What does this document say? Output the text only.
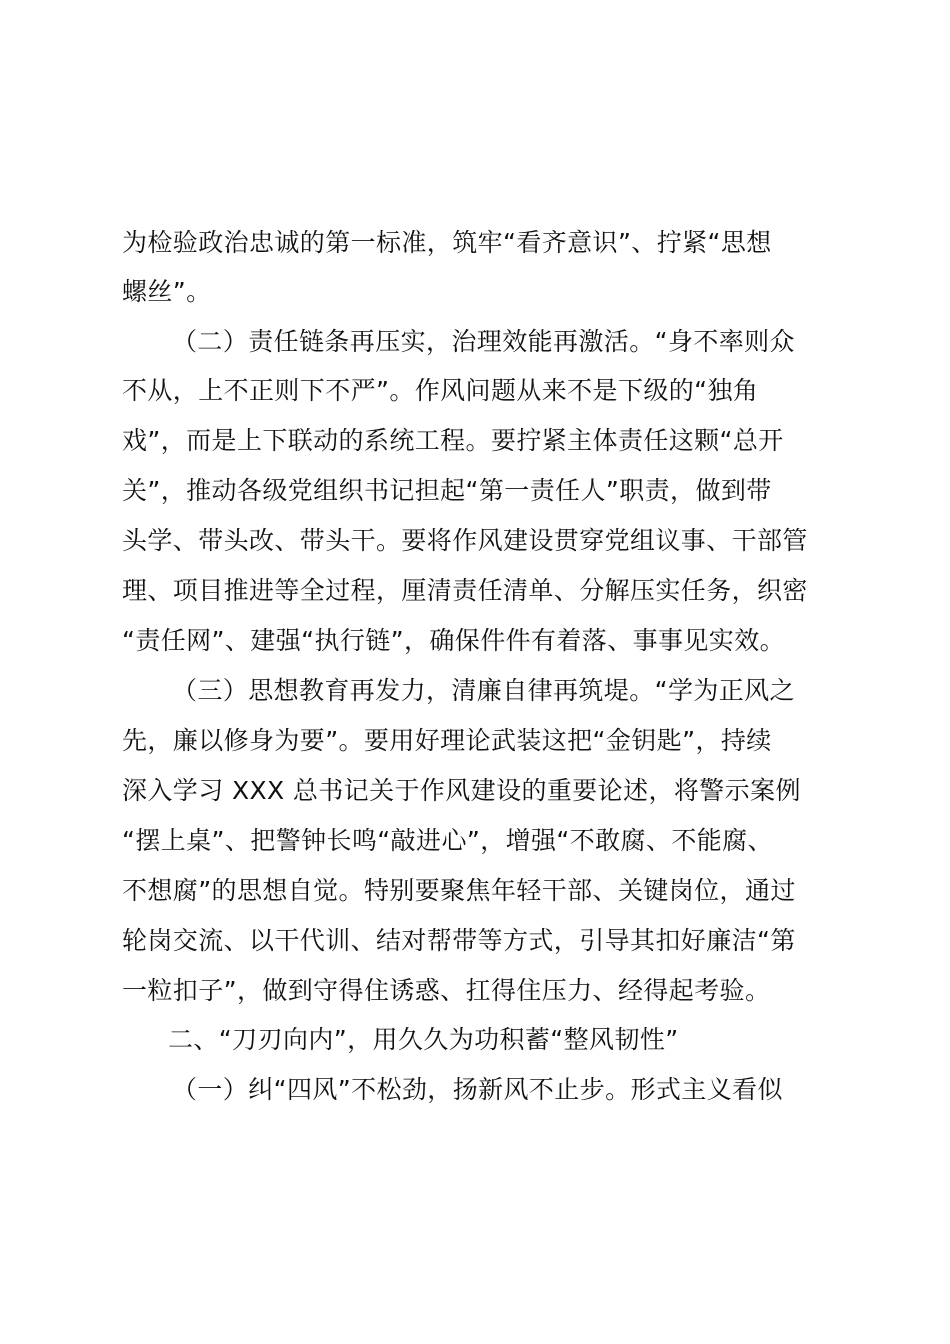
为检验政治忠诚的第一标准，筑牢“看齐意识”、拧紧“思想
螺丝”。
（二）责任链条再压实，治理效能再激活。“身不率则众
不从，上不正则下不严”。作风问题从来不是下级的“独角
戏”，而是上下联动的系统工程。要拧紧主体责任这颗“总开
关”，推动各级党组织书记担起“第一责任人”职责，做到带
头学、带头改、带头干。要将作风建设贯穿党组议事、干部管
理、项目推进等全过程，厘清责任清单、分解压实任务，织密
“责任网”、建强“执行链”，确保件件有着落、事事见实效。
（三）思想教育再发力，清廉自律再筑堤。“学为正风之
先，廉以修身为要”。要用好理论武装这把“金钥匙”，持续
深入学习 XXX 总书记关于作风建设的重要论述，将警示案例
“摆上桌”、把警钟长鸣“敲进心”，增强“不敢腐、不能腐、
不想腐”的思想自觉。特别要聚焦年轻干部、关键岗位，通过
轮岗交流、以干代训、结对帮带等方式，引导其扣好廉洁“第
一粒扣子”，做到守得住诱惑、扛得住压力、经得起考验。
二、“刀刃向内”，用久久为功积蓄“整风韧性”
（一）纠“四风”不松劲，扬新风不止步。形式主义看似
